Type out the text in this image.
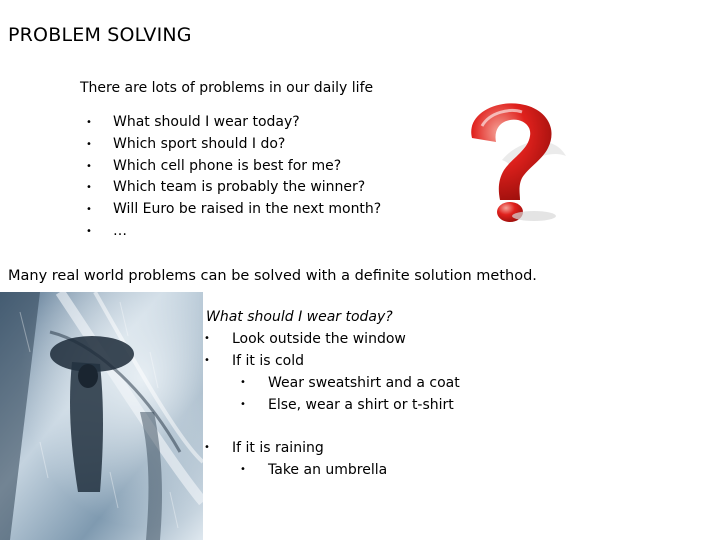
PROBLEM SOLVING
There are lots of problems in our daily life
• What should I wear today?
• Which sport should I do?
• Which cell phone is best for me?
• Which team is probably the winner?
• Will Euro be raised in the next month?
• …
Many real world problems can be solved with a definite solution method.
What should I wear today?
• Look outside the window
• If it is cold
• Wear sweatshirt and a coat
• Else, wear a shirt or t-shirt
• If it is raining
• Take an umbrella
